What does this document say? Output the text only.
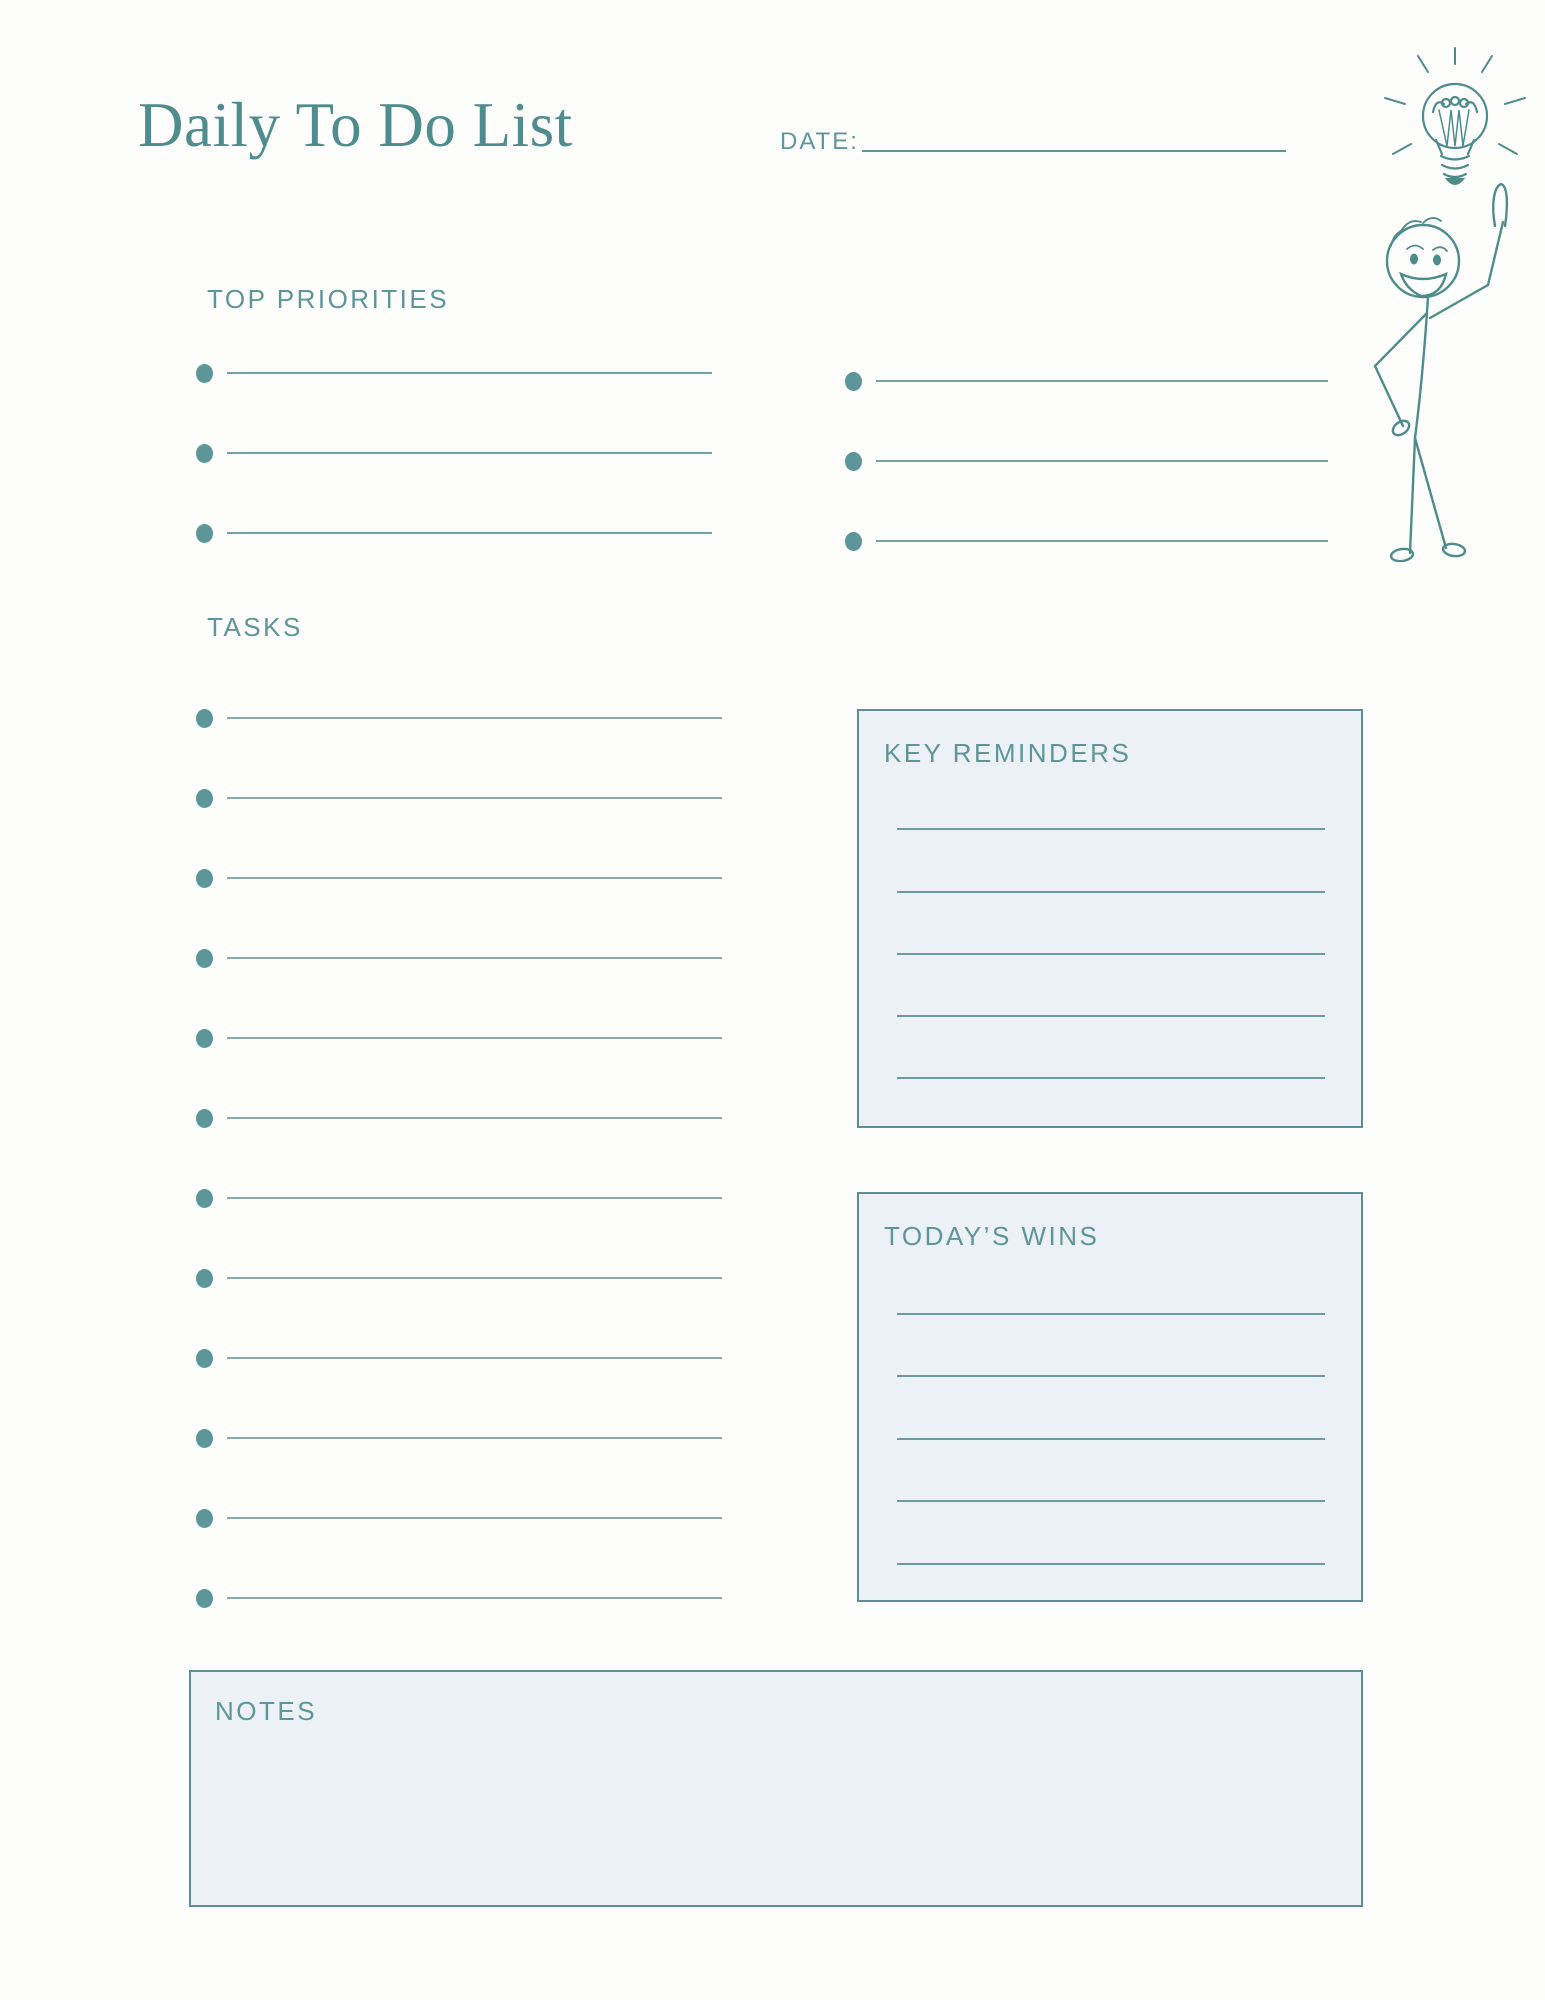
Daily To Do List	DATE:
TOP PRIORITIES
TASKS
KEY REMINDERS
TODAY’S WINS
NOTES
